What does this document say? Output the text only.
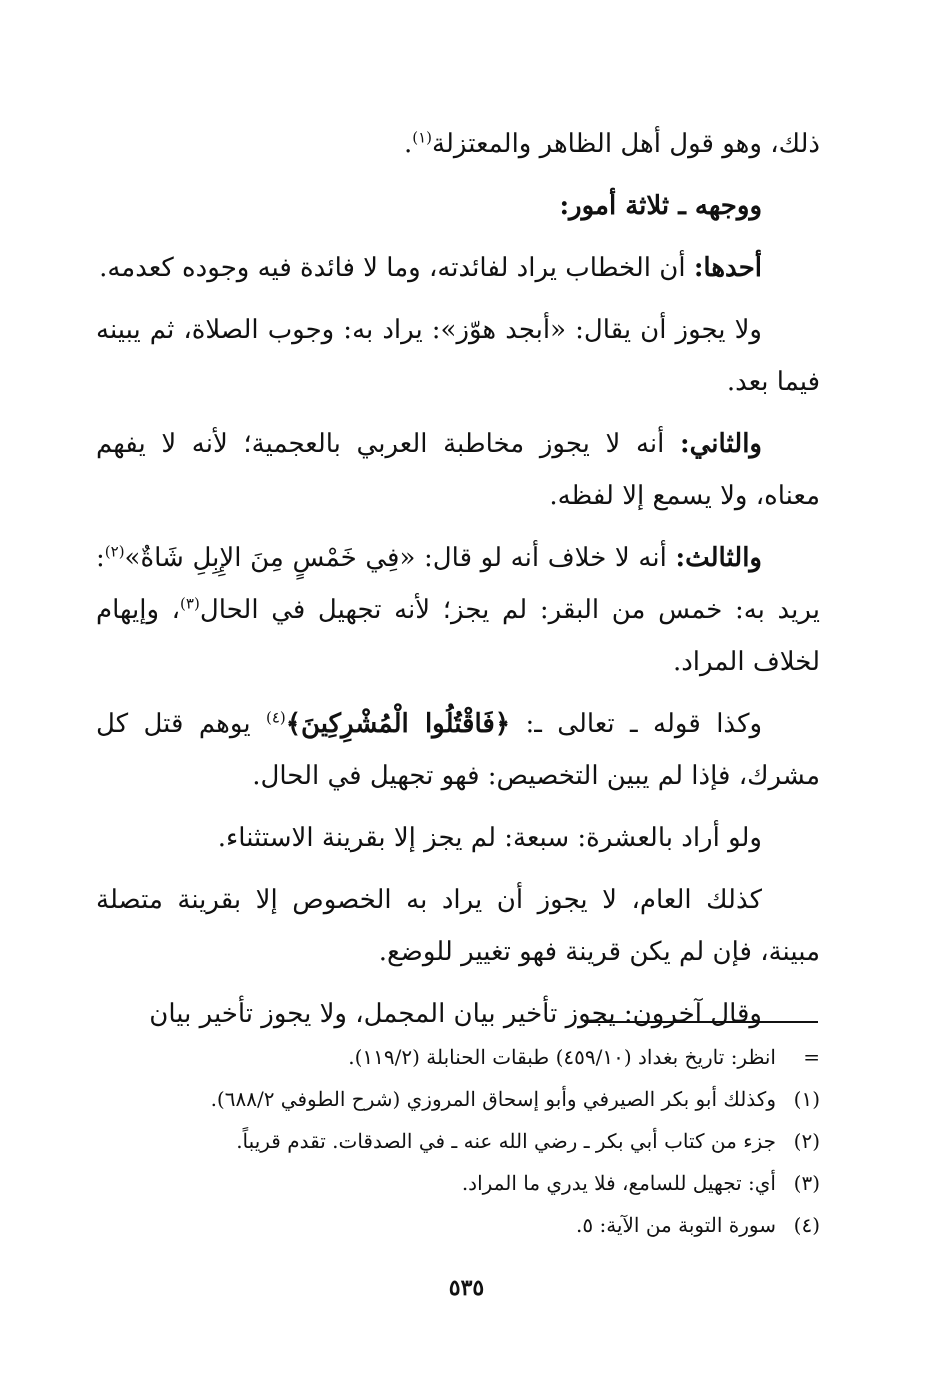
ذلك، وهو قول أهل الظاهر والمعتزلة$^{(١)}$.

ووجهه ـ ثلاثة أمور:

أحدها: أن الخطاب يراد لفائدته، وما لا فائدة فيه وجوده كعدمه.

ولا يجوز أن يقال: «أبجد هوّز»: يراد به: وجوب الصلاة، ثم يبينه فيما بعد.

والثاني: أنه لا يجوز مخاطبة العربي بالعجمية؛ لأنه لا يفهم معناه، ولا يسمع إلا لفظه.

والثالث: أنه لا خلاف أنه لو قال: «فِي خَمْسٍ مِنَ الإِبِلِ شَاةٌ»$^{(٢)}$: يريد به: خمس من البقر: لم يجز؛ لأنه تجهيل في الحال$^{(٣)}$، وإيهام لخلاف المراد.

وكذا قوله ـ تعالى ـ: ﴿فَاقْتُلُوا الْمُشْرِكِينَ﴾$^{(٤)}$ يوهم قتل كل مشرك، فإذا لم يبين التخصيص: فهو تجهيل في الحال.

ولو أراد بالعشرة: سبعة: لم يجز إلا بقرينة الاستثناء.

كذلك العام، لا يجوز أن يراد به الخصوص إلا بقرينة متصلة مبينة، فإن لم يكن قرينة فهو تغيير للوضع.

وقال آخرون: يجوز تأخير بيان المجمل، ولا يجوز تأخير بيان

=انظر: تاريخ بغداد (٤٥٩/١٠) طبقات الحنابلة (١١٩/٢).

(١)وكذلك أبو بكر الصيرفي وأبو إسحاق المروزي (شرح الطوفي ٦٨٨/٢).

(٢)جزء من كتاب أبي بكر ـ رضي الله عنه ـ في الصدقات. تقدم قريباً.

(٣)أي: تجهيل للسامع، فلا يدري ما المراد.

(٤)سورة التوبة من الآية: ٥.

٥٣٥
